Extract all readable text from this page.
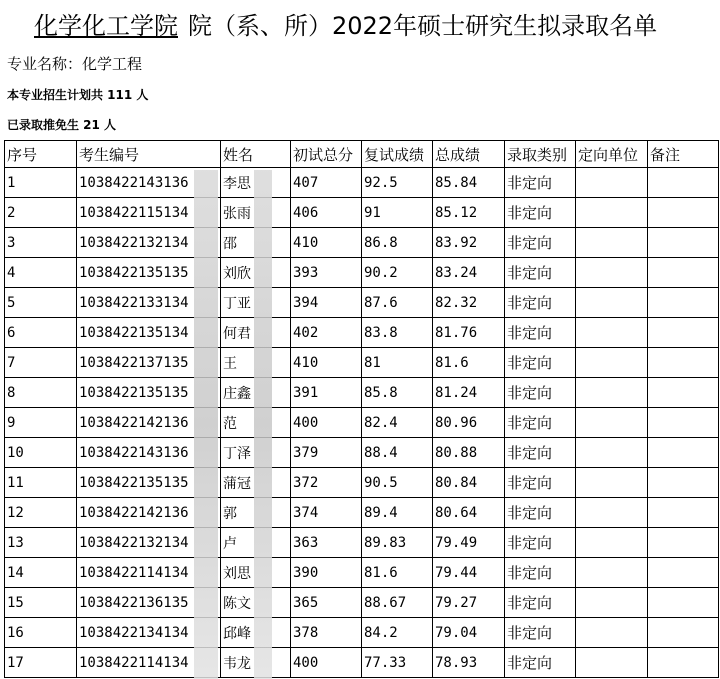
化学化工学院 院（系、所）2022年硕士研究生拟录取名单
专业名称：化学工程
本专业招生计划共 111 人
已录取推免生 21 人
序号	考生编号	姓名	初试总分	复试成绩	总成绩	录取类别	定向单位	备注
1	1038422143136	李思	407	92.5	85.84	非定向		
2	1038422115134	张雨	406	91	85.12	非定向		
3	1038422132134	邵	410	86.8	83.92	非定向		
4	1038422135135	刘欣	393	90.2	83.24	非定向		
5	1038422133134	丁亚	394	87.6	82.32	非定向		
6	1038422135134	何君	402	83.8	81.76	非定向		
7	1038422137135	王	410	81	81.6	非定向		
8	1038422135135	庄鑫	391	85.8	81.24	非定向		
9	1038422142136	范	400	82.4	80.96	非定向		
10	1038422143136	丁泽	379	88.4	80.88	非定向		
11	1038422135135	蒲冠	372	90.5	80.84	非定向		
12	1038422142136	郭	374	89.4	80.64	非定向		
13	1038422132134	卢	363	89.83	79.49	非定向		
14	1038422114134	刘思	390	81.6	79.44	非定向		
15	1038422136135	陈文	365	88.67	79.27	非定向		
16	1038422134134	邱峰	378	84.2	79.04	非定向		
17	1038422114134	韦龙	400	77.33	78.93	非定向		
